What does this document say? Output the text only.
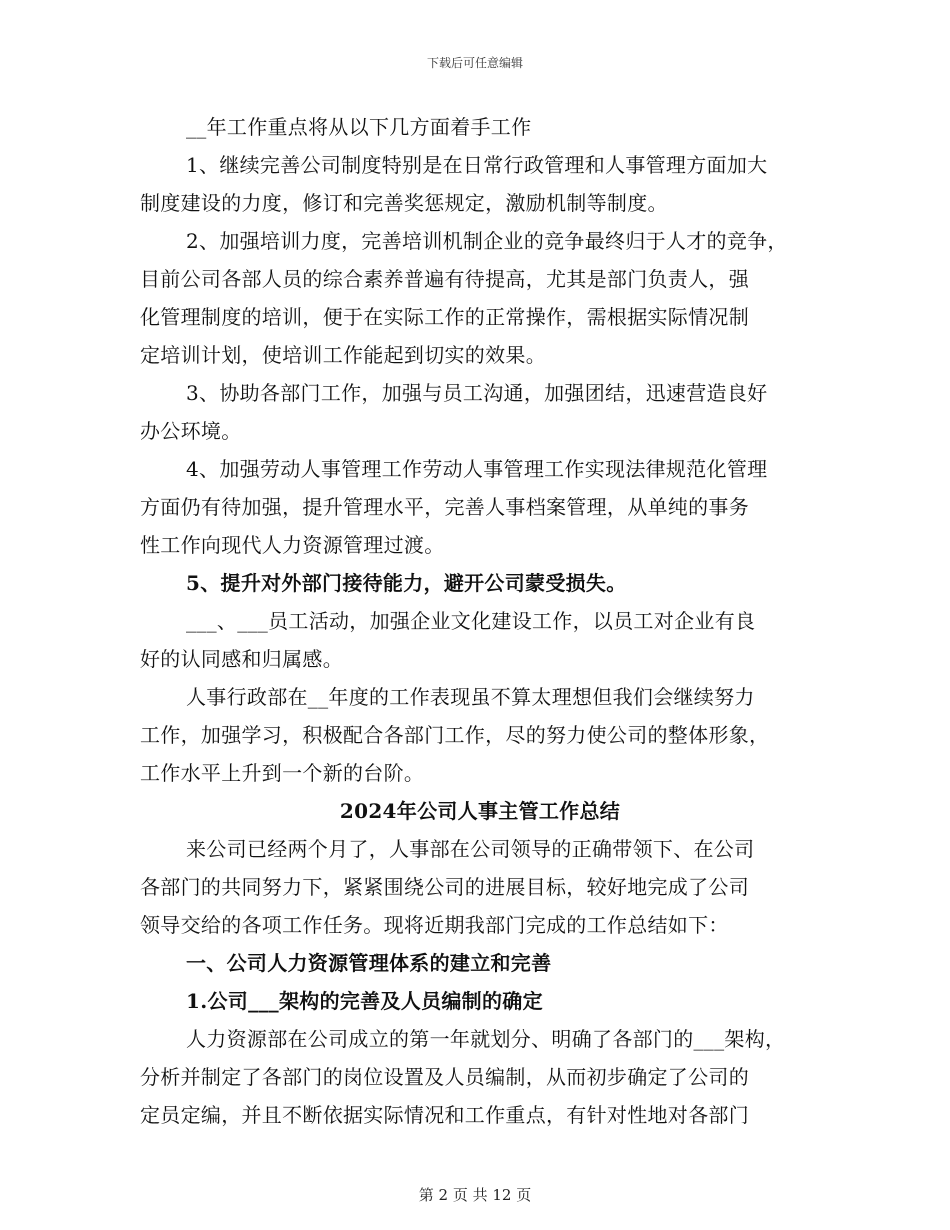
下载后可任意编辑
__年工作重点将从以下几方面着手工作
1、继续完善公司制度特别是在日常行政管理和人事管理方面加大
制度建设的力度，修订和完善奖惩规定，激励机制等制度。
2、加强培训力度，完善培训机制企业的竞争最终归于人才的竞争，
目前公司各部人员的综合素养普遍有待提高，尤其是部门负责人，强
化管理制度的培训，便于在实际工作的正常操作，需根据实际情况制
定培训计划，使培训工作能起到切实的效果。
3、协助各部门工作，加强与员工沟通，加强团结，迅速营造良好
办公环境。
4、加强劳动人事管理工作劳动人事管理工作实现法律规范化管理
方面仍有待加强，提升管理水平，完善人事档案管理，从单纯的事务
性工作向现代人力资源管理过渡。
5、提升对外部门接待能力，避开公司蒙受损失。
___、___员工活动，加强企业文化建设工作，以员工对企业有良
好的认同感和归属感。
人事行政部在__年度的工作表现虽不算太理想但我们会继续努力
工作，加强学习，积极配合各部门工作，尽的努力使公司的整体形象，
工作水平上升到一个新的台阶。
2024年公司人事主管工作总结
来公司已经两个月了，人事部在公司领导的正确带领下、在公司
各部门的共同努力下，紧紧围绕公司的进展目标，较好地完成了公司
领导交给的各项工作任务。现将近期我部门完成的工作总结如下：
一、公司人力资源管理体系的建立和完善
1.公司___架构的完善及人员编制的确定
人力资源部在公司成立的第一年就划分、明确了各部门的___架构，
分析并制定了各部门的岗位设置及人员编制，从而初步确定了公司的
定员定编，并且不断依据实际情况和工作重点，有针对性地对各部门
第 2 页 共 12 页
